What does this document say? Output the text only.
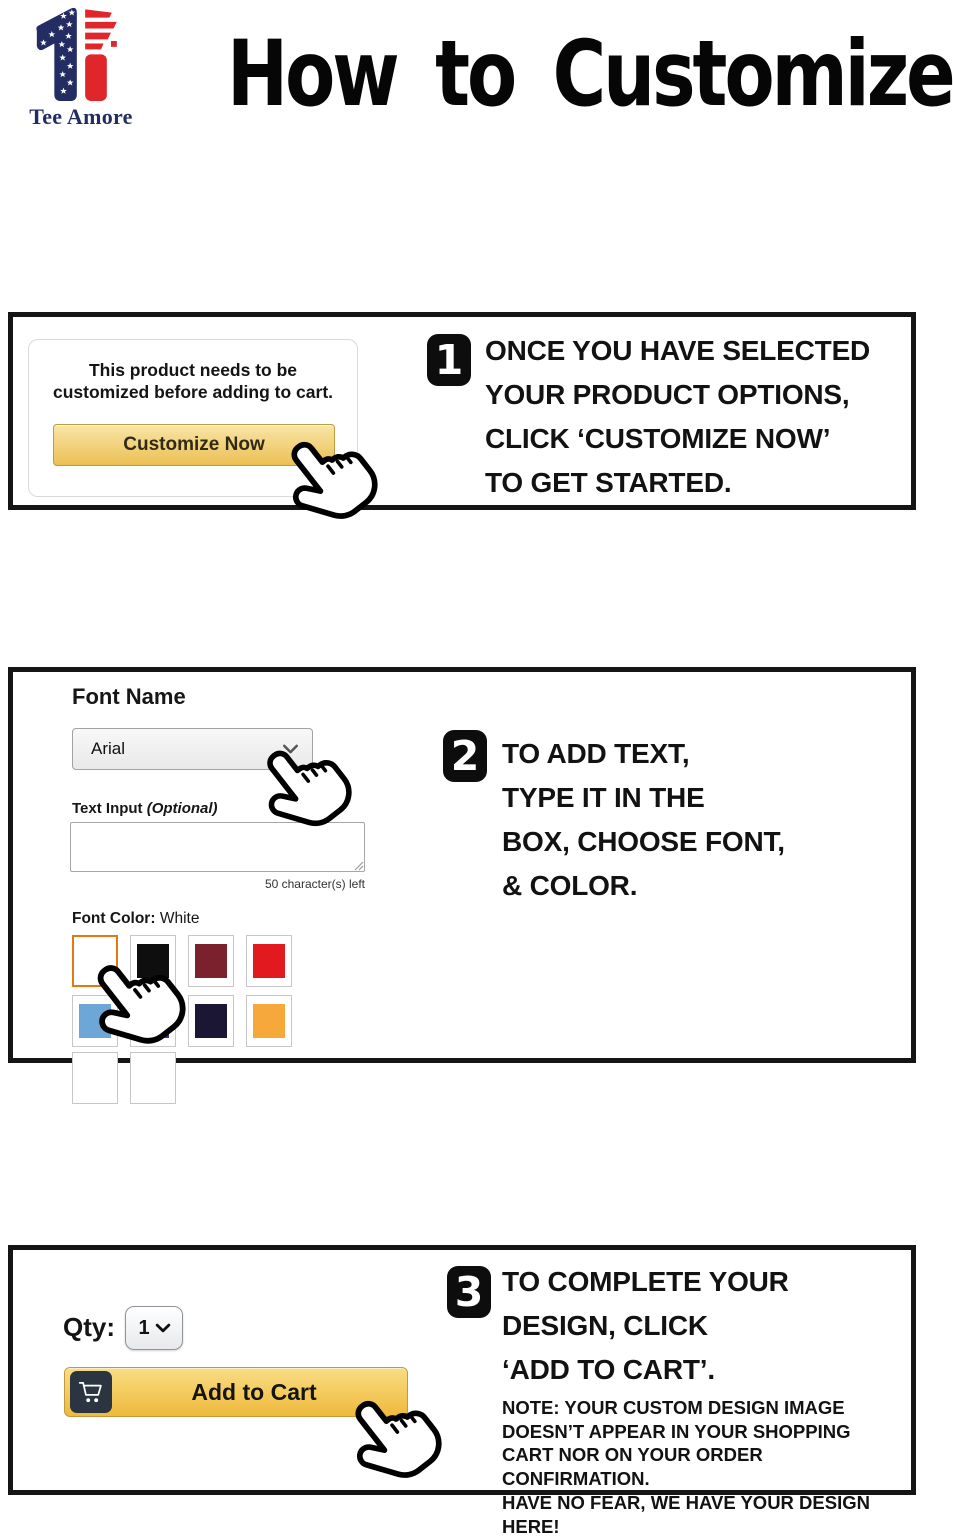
Tee Amore How to Customize
This product needs to be
customized before adding to cart.
Customize Now
1 ONCE YOU HAVE SELECTED
YOUR PRODUCT OPTIONS,
CLICK ‘CUSTOMIZE NOW’
TO GET STARTED.
Font Name
Arial
Text Input (Optional)
50 character(s) left
Font Color: White
2 TO ADD TEXT,
TYPE IT IN THE
BOX, CHOOSE FONT,
& COLOR.
Qty: 1
Add to Cart
3 TO COMPLETE YOUR
DESIGN, CLICK
‘ADD TO CART’.
NOTE: YOUR CUSTOM DESIGN IMAGE
DOESN’T APPEAR IN YOUR SHOPPING
CART NOR ON YOUR ORDER CONFIRMATION.
HAVE NO FEAR, WE HAVE YOUR DESIGN HERE!
